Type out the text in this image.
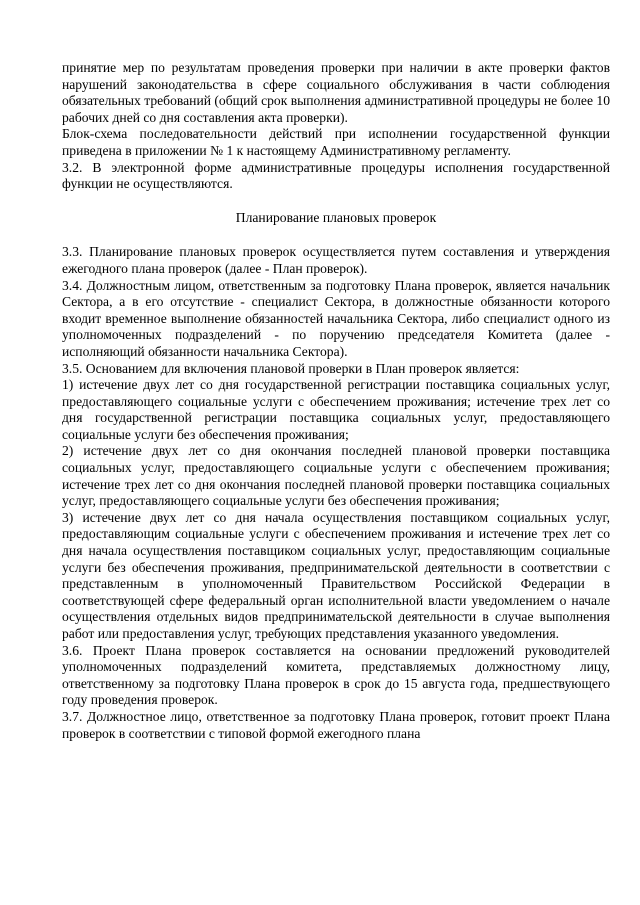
принятие мер по результатам проведения проверки при наличии в акте проверки фактов нарушений законодательства в сфере социального обслуживания в части соблюдения обязательных требований (общий срок выполнения административной процедуры не более 10 рабочих дней со дня составления акта проверки).

Блок-схема последовательности действий при исполнении государственной функции приведена в приложении № 1 к настоящему Административному регламенту.

3.2. В электронной форме административные процедуры исполнения государственной функции не осуществляются.

Планирование плановых проверок

3.3. Планирование плановых проверок осуществляется путем составления и утверждения ежегодного плана проверок (далее - План проверок).

3.4. Должностным лицом, ответственным за подготовку Плана проверок, является начальник Сектора, а в его отсутствие - специалист Сектора, в должностные обязанности которого входит временное выполнение обязанностей начальника Сектора, либо специалист одного из уполномоченных подразделений - по поручению председателя Комитета (далее - исполняющий обязанности начальника Сектора).

3.5. Основанием для включения плановой проверки в План проверок является:

1) истечение двух лет со дня государственной регистрации поставщика социальных услуг, предоставляющего социальные услуги с обеспечением проживания; истечение трех лет со дня государственной регистрации поставщика социальных услуг, предоставляющего социальные услуги без обеспечения проживания;

2) истечение двух лет со дня окончания последней плановой проверки поставщика социальных услуг, предоставляющего социальные услуги с обеспечением проживания; истечение трех лет со дня окончания последней плановой проверки поставщика социальных услуг, предоставляющего социальные услуги без обеспечения проживания;

3) истечение двух лет со дня начала осуществления поставщиком социальных услуг, предоставляющим социальные услуги с обеспечением проживания и истечение трех лет со дня начала осуществления поставщиком социальных услуг, предоставляющим социальные услуги без обеспечения проживания, предпринимательской деятельности в соответствии с представленным в уполномоченный Правительством Российской Федерации в соответствующей сфере федеральный орган исполнительной власти уведомлением о начале осуществления отдельных видов предпринимательской деятельности в случае выполнения работ или предоставления услуг, требующих представления указанного уведомления.

3.6. Проект Плана проверок составляется на основании предложений руководителей уполномоченных подразделений комитета, представляемых должностному лицу, ответственному за подготовку Плана проверок в срок до 15 августа года, предшествующего году проведения проверок.

3.7. Должностное лицо, ответственное за подготовку Плана проверок, готовит проект Плана проверок в соответствии с типовой формой ежегодного плана
